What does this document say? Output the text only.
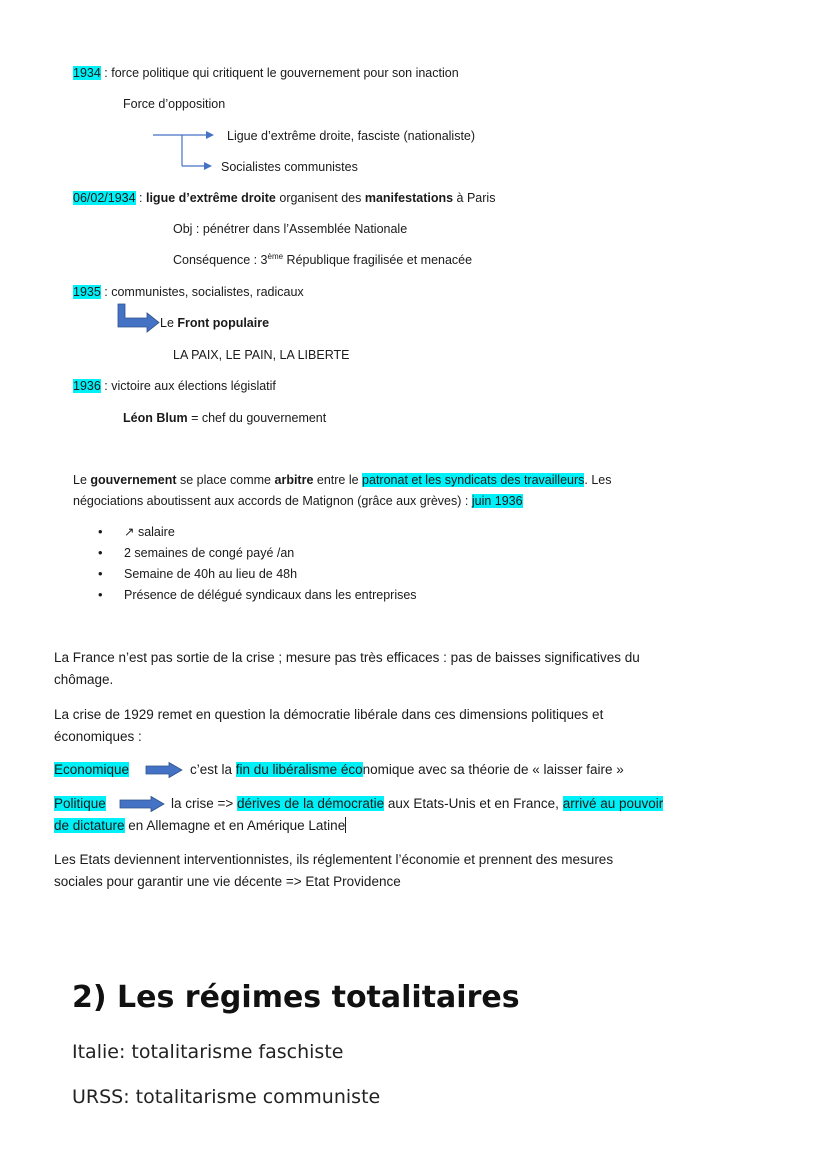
1934 : force politique qui critiquent le gouvernement pour son inaction
Force d’opposition
Ligue d’extrême droite, fasciste (nationaliste)
Socialistes communistes
06/02/1934 : ligue d’extrême droite organisent des manifestations à Paris
Obj : pénétrer dans l’Assemblée Nationale
Conséquence : 3ème République fragilisée et menacée
1935 : communistes, socialistes, radicaux
Le Front populaire
LA PAIX, LE PAIN, LA LIBERTE
1936 : victoire aux élections législatif
Léon Blum = chef du gouvernement
Le gouvernement se place comme arbitre entre le patronat et les syndicats des travailleurs. Les
négociations aboutissent aux accords de Matignon (grâce aux grèves) : juin 1936
• ↗ salaire
• 2 semaines de congé payé /an
• Semaine de 40h au lieu de 48h
• Présence de délégué syndicaux dans les entreprises
La France n’est pas sortie de la crise ; mesure pas très efficaces : pas de baisses significatives du
chômage.
La crise de 1929 remet en question la démocratie libérale dans ces dimensions politiques et
économiques :
Economique	c’est la fin du libéralisme économique avec sa théorie de « laisser faire »
Politique	la crise => dérives de la démocratie aux Etats-Unis et en France, arrivé au pouvoir
de dictature en Allemagne et en Amérique Latine
Les Etats deviennent interventionnistes, ils réglementent l’économie et prennent des mesures
sociales pour garantir une vie décente => Etat Providence
2) Les régimes totalitaires
Italie: totalitarisme faschiste
URSS: totalitarisme communiste
